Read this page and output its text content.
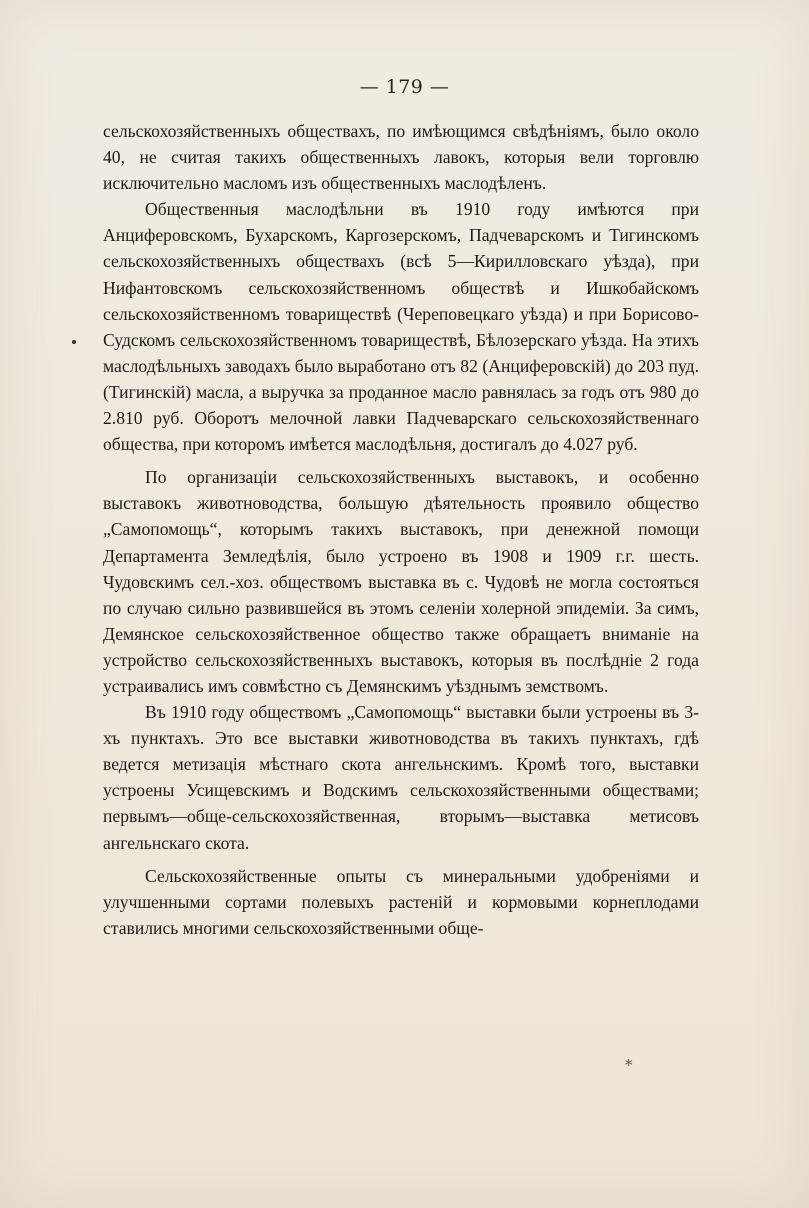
— 179 —

сельскохозяйственныхъ обществахъ, по имѣющимся свѣдѣніямъ, было около 40, не считая такихъ общественныхъ лавокъ, которыя вели торговлю исключительно масломъ изъ общественныхъ маслодѣленъ.

Общественныя маслодѣльни въ 1910 году имѣются при Анциферовскомъ, Бухарскомъ, Каргозерскомъ, Падчеварскомъ и Тигинскомъ сельскохозяйственныхъ обществахъ (всѣ 5—Кирилловскаго уѣзда), при Нифантовскомъ сельскохозяйственномъ обществѣ и Ишкобайскомъ сельскохозяйственномъ товариществѣ (Череповецкаго уѣзда) и при Борисово-Судскомъ сельскохозяйственномъ товариществѣ, Бѣлозерскаго уѣзда. На этихъ маслодѣльныхъ заводахъ было выработано отъ 82 (Анциферовскій) до 203 пуд. (Тигинскій) масла, а выручка за проданное масло равнялась за годъ отъ 980 до 2.810 руб. Оборотъ мелочной лавки Падчеварскаго сельскохозяйственнаго общества, при которомъ имѣется маслодѣльня, достигалъ до 4.027 руб.

По организаціи сельскохозяйственныхъ выставокъ, и особенно выставокъ животноводства, большую дѣятельность проявило общество „Самопомощь“, которымъ такихъ выставокъ, при денежной помощи Департамента Земледѣлія, было устроено въ 1908 и 1909 г.г. шесть. Чудовскимъ сел.-хоз. обществомъ выставка въ с. Чудовѣ не могла состояться по случаю сильно развившейся въ этомъ селеніи холерной эпидеміи. За симъ, Демянское сельскохозяйственное общество также обращаетъ вниманіе на устройство сельскохозяйственныхъ выставокъ, которыя въ послѣдніе 2 года устраивались имъ совмѣстно съ Демянскимъ уѣзднымъ земствомъ.

Въ 1910 году обществомъ „Самопомощь“ выставки были устроены въ 3-хъ пунктахъ. Это все выставки животноводства въ такихъ пунктахъ, гдѣ ведется метизація мѣстнаго скота ангельнскимъ. Кромѣ того, выставки устроены Усищевскимъ и Водскимъ сельскохозяйственными обществами; первымъ—обще-сельскохозяйственная, вторымъ—выставка метисовъ ангельнскаго скота.

Сельскохозяйственные опыты съ минеральными удобреніями и улучшенными сортами полевыхъ растеній и кормовыми корнеплодами ставились многими сельскохозяйственными обще-

*
